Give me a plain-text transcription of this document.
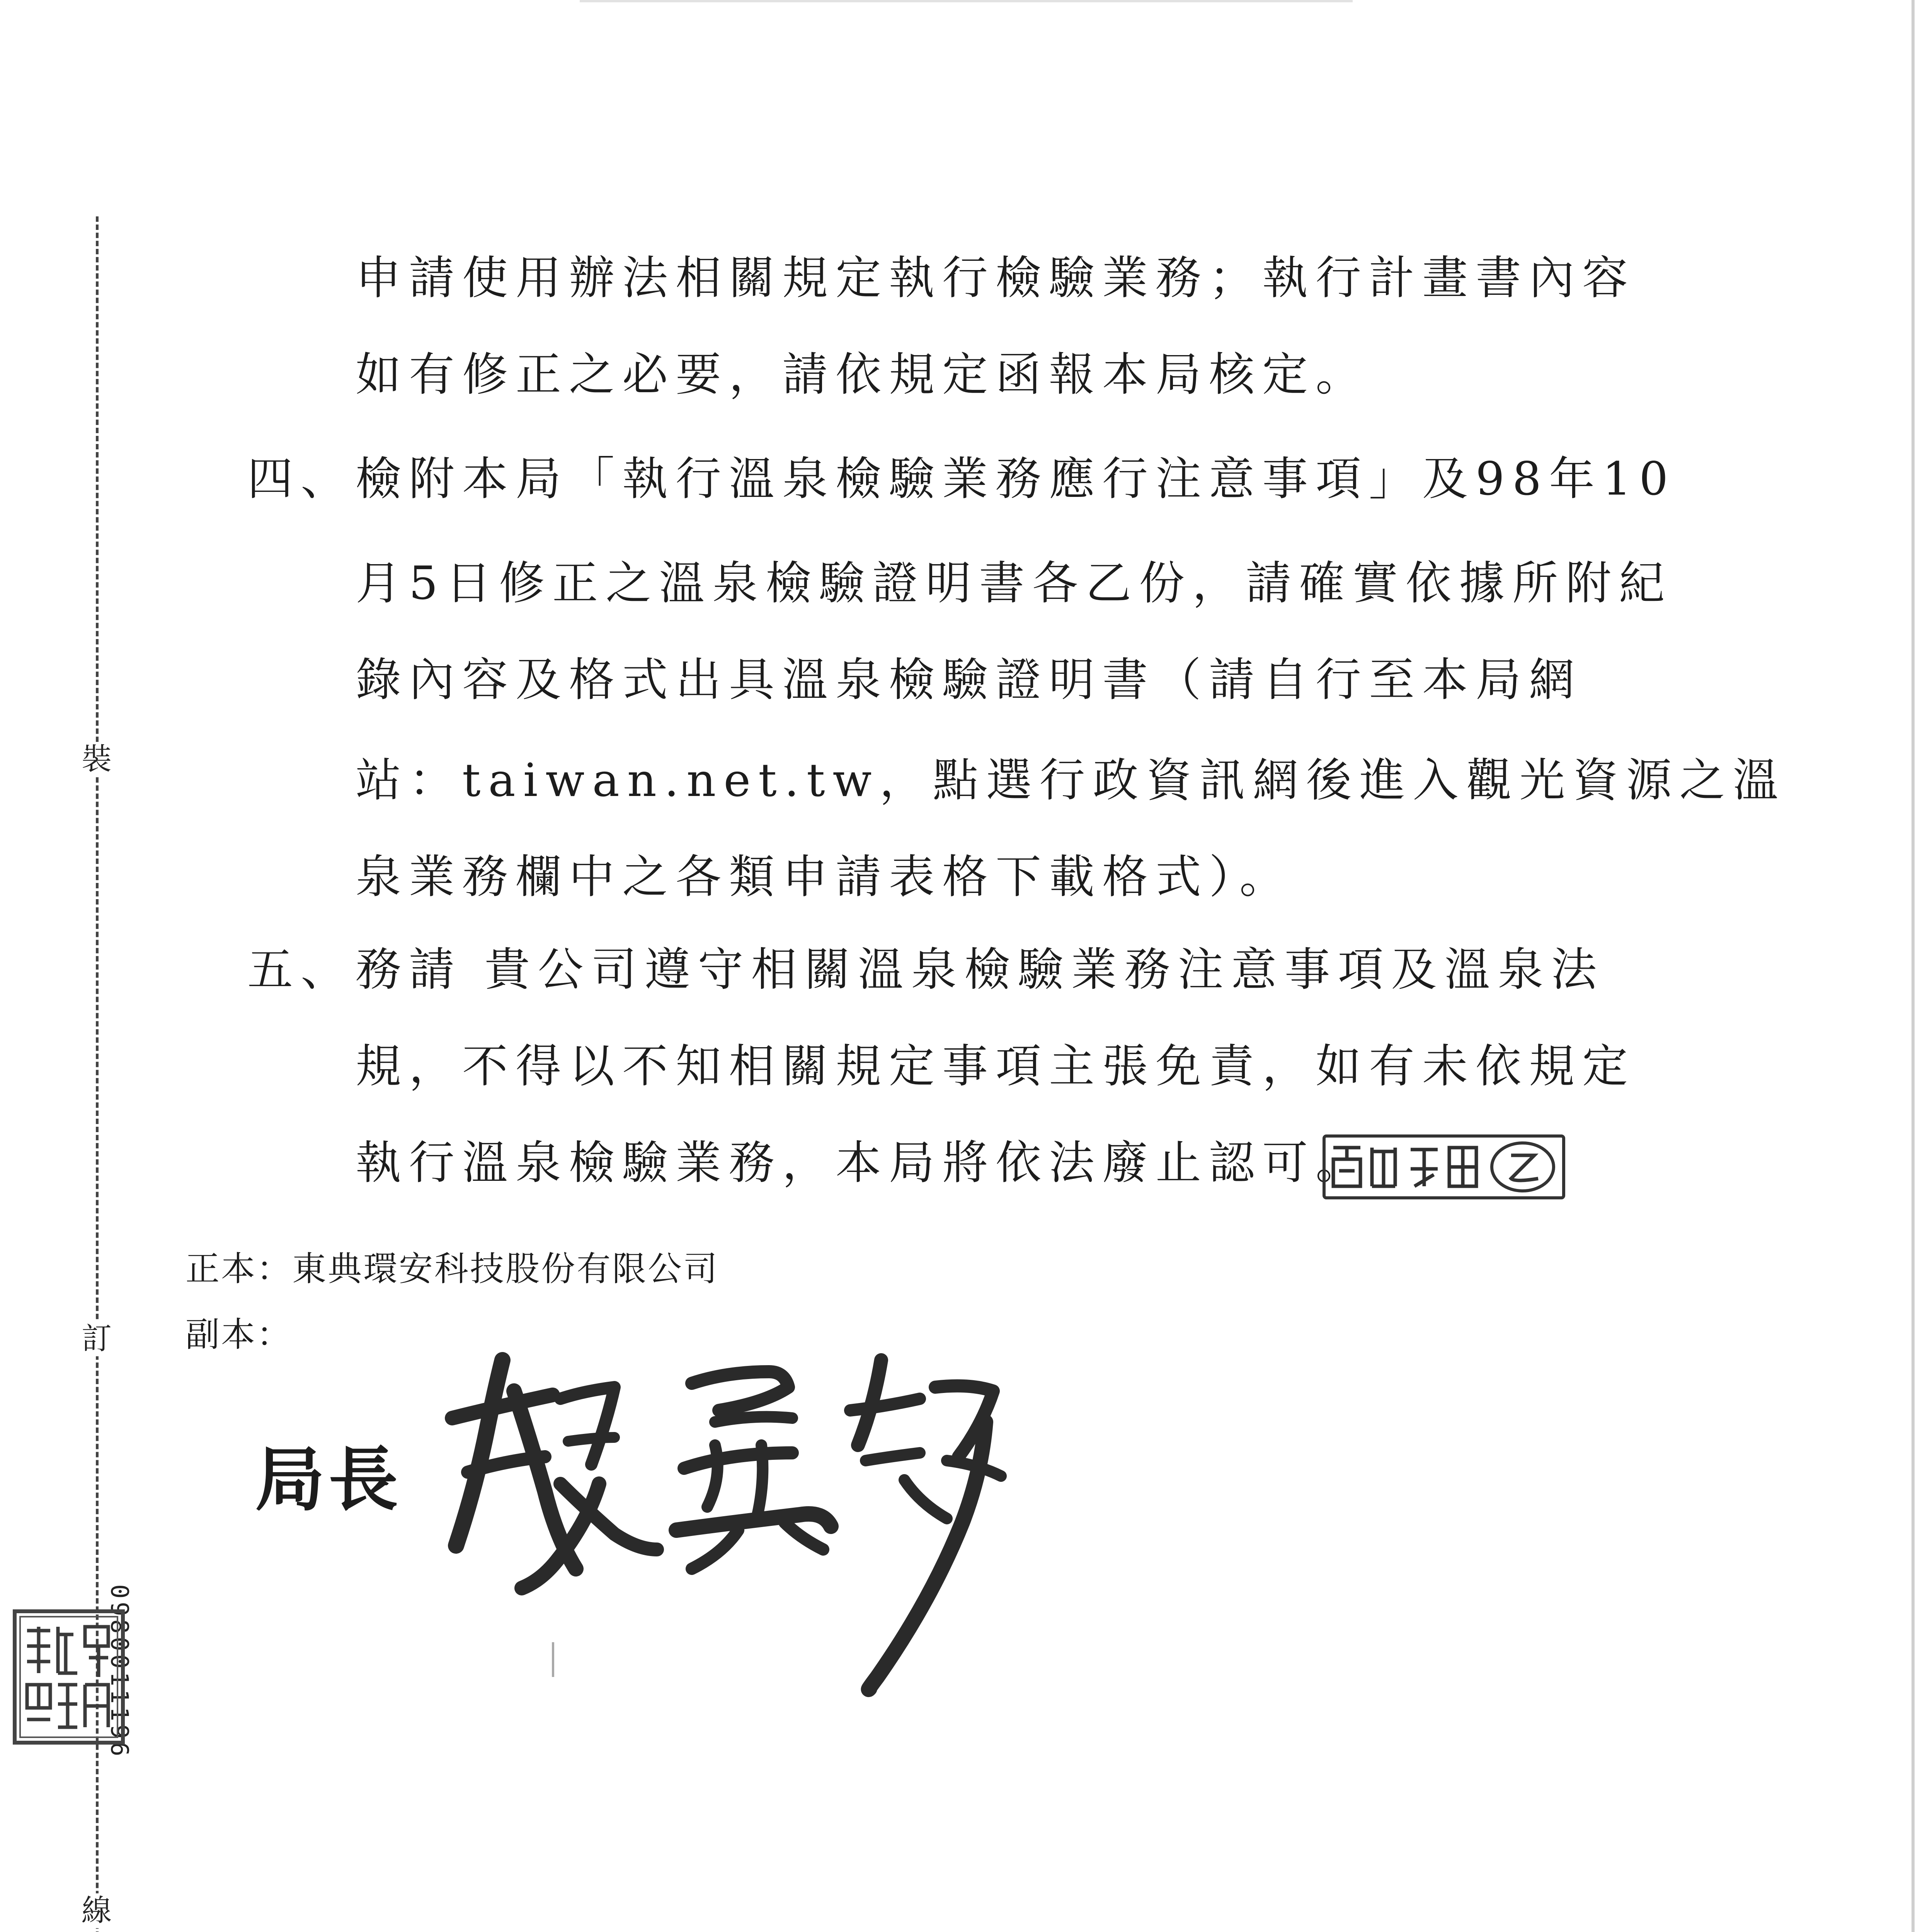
裝
訂
線
0980011196
申請使用辦法相關規定執行檢驗業務；執行計畫書內容
如有修正之必要，請依規定函報本局核定。
四、 檢附本局「執行溫泉檢驗業務應行注意事項」及98年10
月5日修正之溫泉檢驗證明書各乙份，請確實依據所附紀
錄內容及格式出具溫泉檢驗證明書（請自行至本局網
站：taiwan.net.tw，點選行政資訊網後進入觀光資源之溫
泉業務欄中之各類申請表格下載格式）。
五、 務請 貴公司遵守相關溫泉檢驗業務注意事項及溫泉法
規，不得以不知相關規定事項主張免責，如有未依規定
執行溫泉檢驗業務，本局將依法廢止認可。
正本：東典環安科技股份有限公司
副本：
局長
